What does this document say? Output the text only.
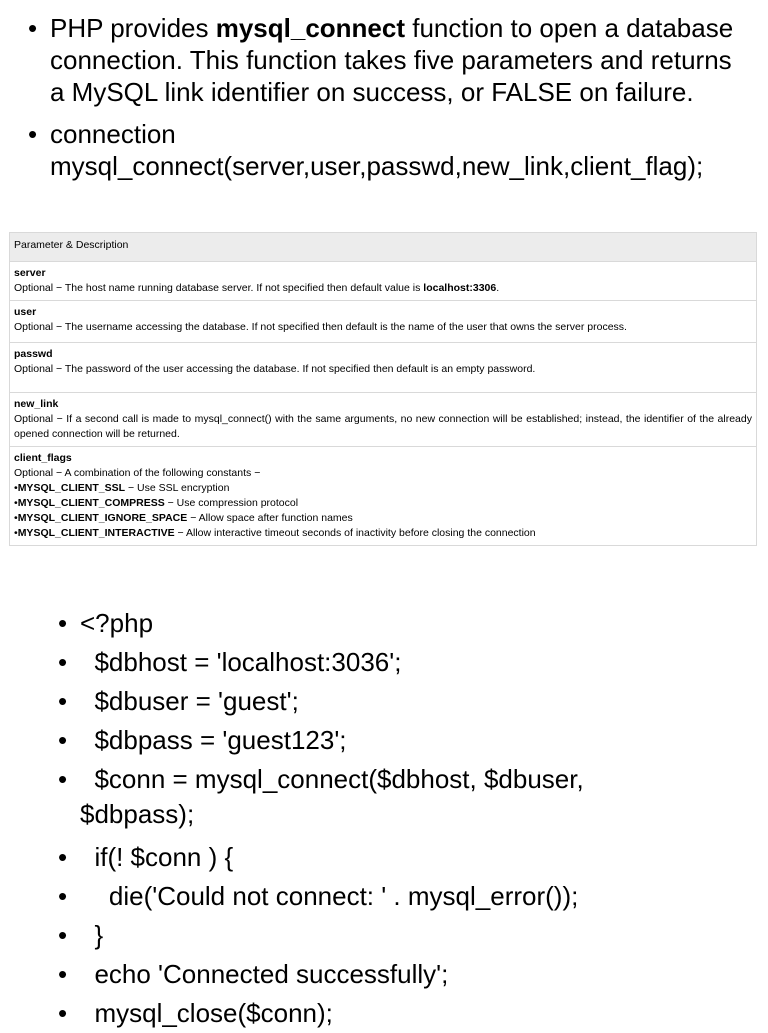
• PHP provides mysql_connect function to open a database connection. This function takes five parameters and returns a MySQL link identifier on success, or FALSE on failure.
• connection
mysql_connect(server,user,passwd,new_link,client_flag);
Parameter & Description
server
Optional − The host name running database server. If not specified then default value is localhost:3306.
user
Optional − The username accessing the database. If not specified then default is the name of the user that owns the server process.
passwd
Optional − The password of the user accessing the database. If not specified then default is an empty password.
new_link
Optional − If a second call is made to mysql_connect() with the same arguments, no new connection will be established; instead, the identifier of the already opened connection will be returned.
client_flags
Optional − A combination of the following constants −
•MYSQL_CLIENT_SSL − Use SSL encryption
•MYSQL_CLIENT_COMPRESS − Use compression protocol
•MYSQL_CLIENT_IGNORE_SPACE − Allow space after function names
•MYSQL_CLIENT_INTERACTIVE − Allow interactive timeout seconds of inactivity before closing the connection
• <?php
• $dbhost = 'localhost:3036';
• $dbuser = 'guest';
• $dbpass = 'guest123';
• $conn = mysql_connect($dbhost, $dbuser,
$dbpass);
• if(! $conn ) {
• die('Could not connect: ' . mysql_error());
• }
• echo 'Connected successfully';
• mysql_close($conn);
